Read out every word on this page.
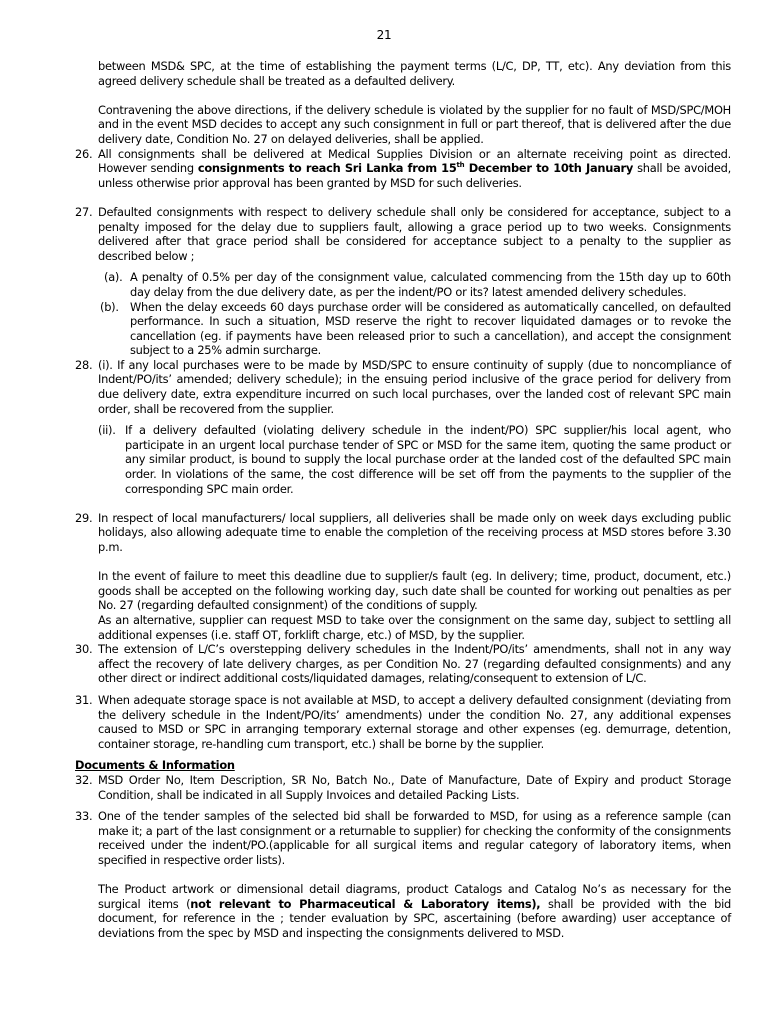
21

between MSD& SPC, at the time of establishing the payment terms (L/C, DP, TT, etc). Any deviation from this agreed delivery schedule shall be treated as a defaulted delivery.

Contravening the above directions, if the delivery schedule is violated by the supplier for no fault of MSD/SPC/MOH and in the event MSD decides to accept any such consignment in full or part thereof, that is delivered after the due delivery date, Condition No. 27 on delayed deliveries, shall be applied.

26. All consignments shall be delivered at Medical Supplies Division or an alternate receiving point as directed. However sending consignments to reach Sri Lanka from 15th December to 10th January shall be avoided, unless otherwise prior approval has been granted by MSD for such deliveries.
27. Defaulted consignments with respect to delivery schedule shall only be considered for acceptance, subject to a penalty imposed for the delay due to suppliers fault, allowing a grace period up to two weeks. Consignments delivered after that grace period shall be considered for acceptance subject to a penalty to the supplier as described below ;
(a). A penalty of 0.5% per day of the consignment value, calculated commencing from the 15th day up to 60th day delay from the due delivery date, as per the indent/PO or its? latest amended delivery schedules.
(b). When the delay exceeds 60 days purchase order will be considered as automatically cancelled, on defaulted performance. In such a situation, MSD reserve the right to recover liquidated damages or to revoke the cancellation (eg. if payments have been released prior to such a cancellation), and accept the consignment subject to a 25% admin surcharge.
28. (i). If any local purchases were to be made by MSD/SPC to ensure continuity of supply (due to noncompliance of Indent/PO/its’ amended; delivery schedule); in the ensuing period inclusive of the grace period for delivery from due delivery date, extra expenditure incurred on such local purchases, over the landed cost of relevant SPC main order, shall be recovered from the supplier.
(ii). If a delivery defaulted (violating delivery schedule in the indent/PO) SPC supplier/his local agent, who participate in an urgent local purchase tender of SPC or MSD for the same item, quoting the same product or any similar product, is bound to supply the local purchase order at the landed cost of the defaulted SPC main order. In violations of the same, the cost difference will be set off from the payments to the supplier of the corresponding SPC main order.
29. In respect of local manufacturers/ local suppliers, all deliveries shall be made only on week days excluding public holidays, also allowing adequate time to enable the completion of the receiving process at MSD stores before 3.30 p.m.

In the event of failure to meet this deadline due to supplier/s fault (eg. In delivery; time, product, document, etc.) goods shall be accepted on the following working day, such date shall be counted for working out penalties as per No. 27 (regarding defaulted consignment) of the conditions of supply.

As an alternative, supplier can request MSD to take over the consignment on the same day, subject to settling all additional expenses (i.e. staff OT, forklift charge, etc.) of MSD, by the supplier.

30. The extension of L/C’s overstepping delivery schedules in the Indent/PO/its’ amendments, shall not in any way affect the recovery of late delivery charges, as per Condition No. 27 (regarding defaulted consignments) and any other direct or indirect additional costs/liquidated damages, relating/consequent to extension of L/C.
31. When adequate storage space is not available at MSD, to accept a delivery defaulted consignment (deviating from the delivery schedule in the Indent/PO/its’ amendments) under the condition No. 27, any additional expenses caused to MSD or SPC in arranging temporary external storage and other expenses (eg. demurrage, detention, container storage, re-handling cum transport, etc.) shall be borne by the supplier.

Documents & Information

32. MSD Order No, Item Description, SR No, Batch No., Date of Manufacture, Date of Expiry and product Storage Condition, shall be indicated in all Supply Invoices and detailed Packing Lists.
33. One of the tender samples of the selected bid shall be forwarded to MSD, for using as a reference sample (can make it; a part of the last consignment or a returnable to supplier) for checking the conformity of the consignments received under the indent/PO.(applicable for all surgical items and regular category of laboratory items, when specified in respective order lists).

The Product artwork or dimensional detail diagrams, product Catalogs and Catalog No’s as necessary for the surgical items (not relevant to Pharmaceutical & Laboratory items), shall be provided with the bid document, for reference in the ; tender evaluation by SPC, ascertaining (before awarding) user acceptance of deviations from the spec by MSD and inspecting the consignments delivered to MSD.
